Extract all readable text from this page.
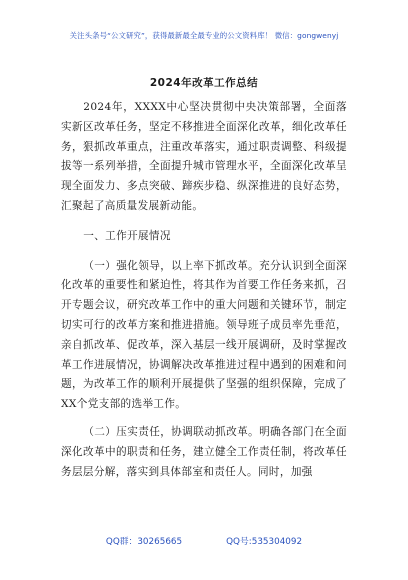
关注头条号“公文研究”，获得最新最全最专业的公文资料库！ 微信：gongwenyj
2024年改革工作总结

2024年，XXXX中心坚决贯彻中央决策部署，全面落实新区改革任务，坚定不移推进全面深化改革，细化改革任务，狠抓改革重点，注重改革落实，通过职责调整、科级提拔等一系列举措，全面提升城市管理水平，全面深化改革呈现全面发力、多点突破、蹄疾步稳、纵深推进的良好态势，汇聚起了高质量发展新动能。

一、工作开展情况

（一）强化领导，以上率下抓改革。充分认识到全面深化改革的重要性和紧迫性，将其作为首要工作任务来抓，召开专题会议，研究改革工作中的重大问题和关键环节，制定切实可行的改革方案和推进措施。领导班子成员率先垂范，亲自抓改革、促改革，深入基层一线开展调研，及时掌握改革工作进展情况，协调解决改革推进过程中遇到的困难和问题，为改革工作的顺利开展提供了坚强的组织保障，完成了XX个党支部的选举工作。

（二）压实责任，协调联动抓改革。明确各部门在全面深化改革中的职责和任务，建立健全工作责任制，将改革任务层层分解，落实到具体部室和责任人。同时，加强

QQ群：30265665	QQ号:535304092
